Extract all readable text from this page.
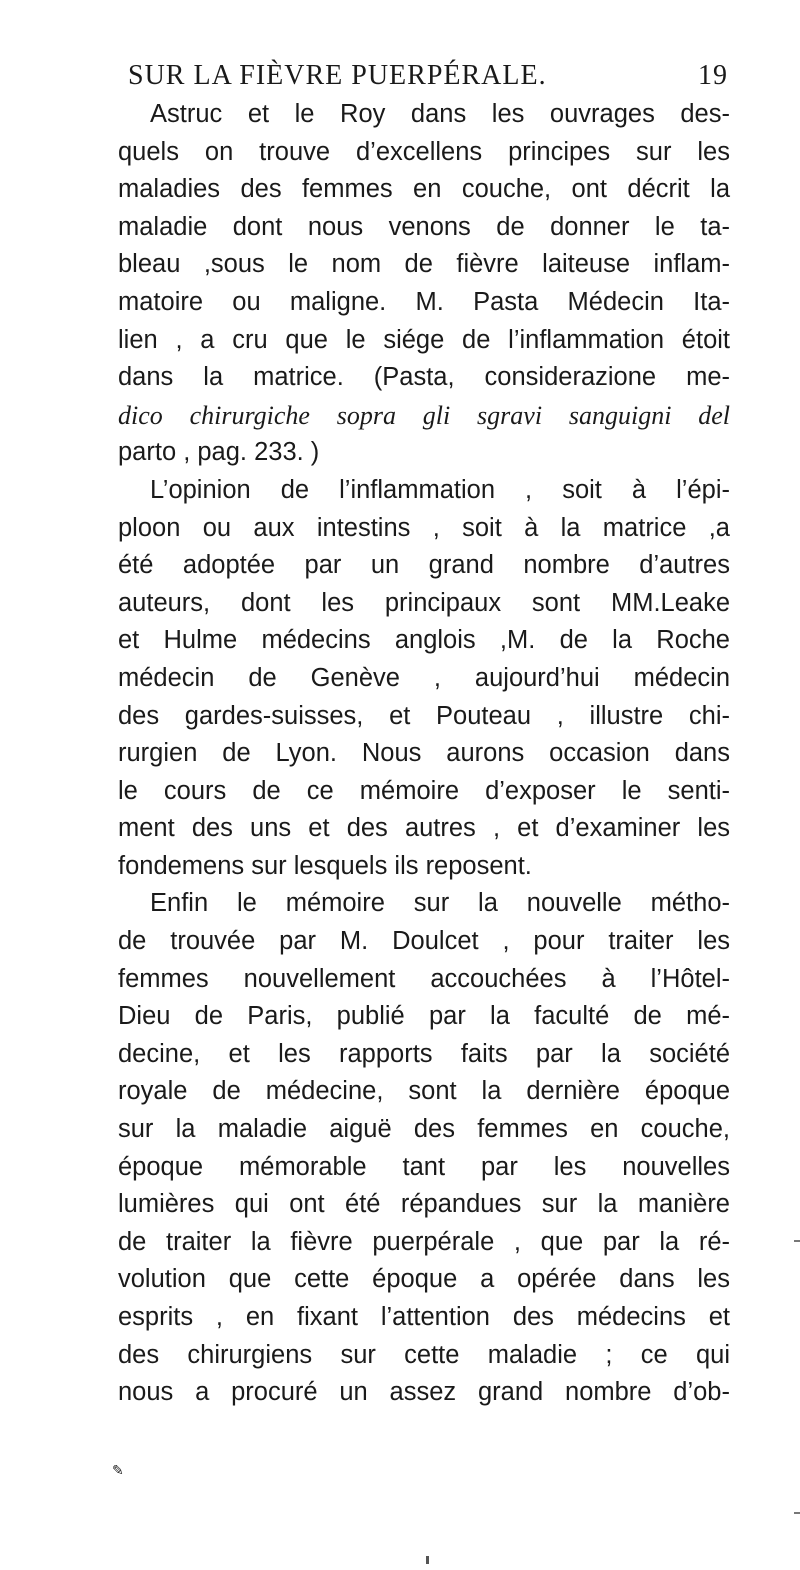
SUR LA FIÈVRE PUERPÉRALE.	19
Astruc et le Roy dans les ouvrages des-
quels on trouve d’excellens principes sur les
maladies des femmes en couche, ont décrit la
maladie dont nous venons de donner le ta-
bleau ,sous le nom de fièvre laiteuse inflam-
matoire ou maligne. M. Pasta Médecin Ita-
lien , a cru que le siége de l’inflammation étoit
dans la matrice. (Pasta, considerazione me-
dico chirurgiche sopra gli sgravi sanguigni del
parto , pag. 233. )
L’opinion de l’inflammation , soit à l’épi-
ploon ou aux intestins , soit à la matrice ,a
été adoptée par un grand nombre d’autres
auteurs, dont les principaux sont MM.Leake
et Hulme médecins anglois ,M. de la Roche
médecin de Genève , aujourd’hui médecin
des gardes-suisses, et Pouteau , illustre chi-
rurgien de Lyon. Nous aurons occasion dans
le cours de ce mémoire d’exposer le senti-
ment des uns et des autres , et d’examiner les
fondemens sur lesquels ils reposent.
Enfin le mémoire sur la nouvelle métho-
de trouvée par M. Doulcet , pour traiter les
femmes nouvellement accouchées à l’Hôtel-
Dieu de Paris, publié par la faculté de mé-
decine, et les rapports faits par la société
royale de médecine, sont la dernière époque
sur la maladie aiguë des femmes en couche,
époque mémorable tant par les nouvelles
lumières qui ont été répandues sur la manière
de traiter la fièvre puerpérale , que par la ré-
volution que cette époque a opérée dans les
esprits , en fixant l’attention des médecins et
des chirurgiens sur cette maladie ; ce qui
nous a procuré un assez grand nombre d’ob-
✎
